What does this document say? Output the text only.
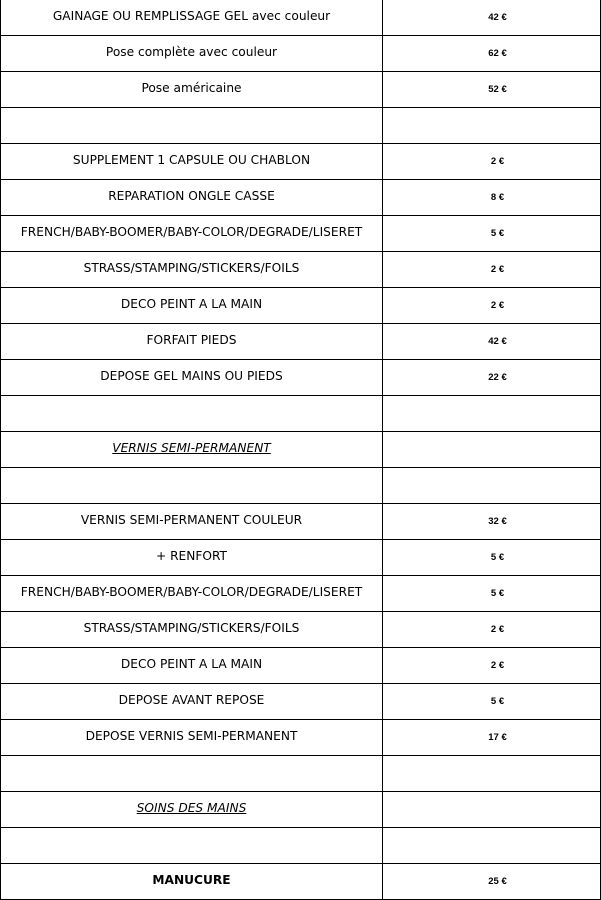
GAINAGE OU REMPLISSAGE GEL avec couleur	42 €
Pose complète avec couleur	62 €
Pose américaine	52 €
SUPPLEMENT 1 CAPSULE OU CHABLON	2 €
REPARATION ONGLE CASSE	8 €
FRENCH/BABY-BOOMER/BABY-COLOR/DEGRADE/LISERET	5 €
STRASS/STAMPING/STICKERS/FOILS	2 €
DECO PEINT A LA MAIN	2 €
FORFAIT PIEDS	42 €
DEPOSE GEL MAINS OU PIEDS	22 €
VERNIS SEMI-PERMANENT
VERNIS SEMI-PERMANENT COULEUR	32 €
+ RENFORT	5 €
FRENCH/BABY-BOOMER/BABY-COLOR/DEGRADE/LISERET	5 €
STRASS/STAMPING/STICKERS/FOILS	2 €
DECO PEINT A LA MAIN	2 €
DEPOSE AVANT REPOSE	5 €
DEPOSE VERNIS SEMI-PERMANENT	17 €
SOINS DES MAINS
MANUCURE	25 €
